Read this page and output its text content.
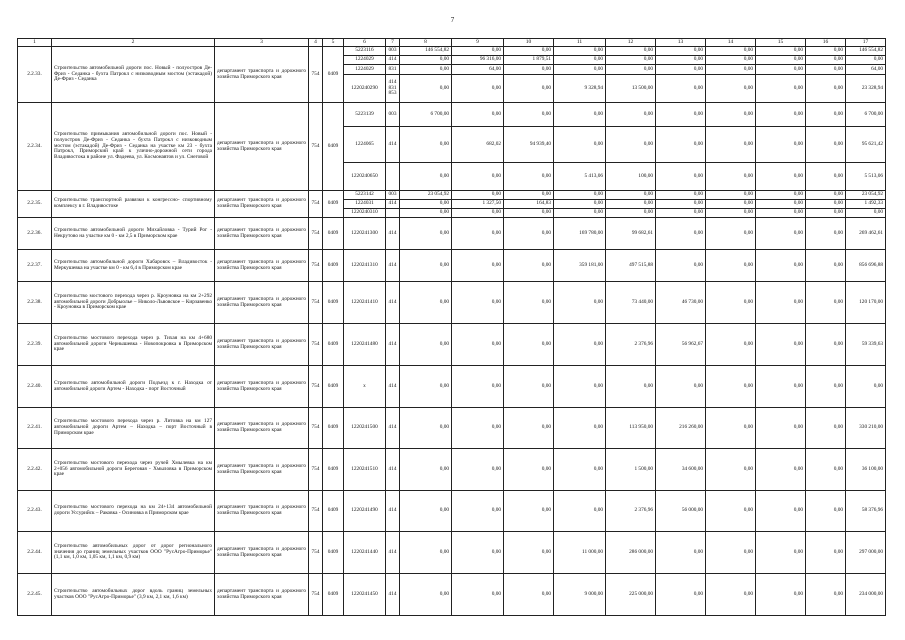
7
1	2	3	4	5	6	7	8	9	10	11	12	13	14	15	16	17
2.2.33.	Строительство автомобильной дороги пос. Новый - полуостров Де-Фриз - Седанка - бухта Патрокл с низководным мостом (эстакадой) Де-Фриз - Седанка	департамент транспорта и дорожного хозяйства Приморского края	754	0409	5223116	003	146 554,82	0,00	0,00	0,00	0,00	0,00	0,00	0,00	0,00	146 554,82
					1224029	414	0,00	96 316,00	1 879,51	0,00	0,00	0,00	0,00	0,00	0,00	0,00
					1224029	831	0,00	64,00	0,00	0,00	0,00	0,00	0,00	0,00	0,00	64,00
					1220240290	414 831 853	0,00	0,00	0,00	9 328,94	13 500,00	0,00	0,00	0,00	0,00	23 328,94
2.2.34.	Строительство примыкания автомобильной дороги пос. Новый - полуостров Де-Фриз - Седанка - бухта Патрокл с низководным мостом (эстакадой) Де-Фриз - Седанка на участке км 23 - бухта Патрокл, Приморский край к улично-дорожной сети города Владивостока в районе ул. Фадеева, ул. Космонавтов и ул. Снеговой	департамент транспорта и дорожного хозяйства Приморского края	754	0409	5223139	003	6 700,00	0,00	0,00	0,00	0,00	0,00	0,00	0,00	0,00	6 700,00
					1224065	414	0,00	682,02	94 939,40	0,00	0,00	0,00	0,00	0,00	0,00	95 621,42
					1220240650		0,00	0,00	0,00	5 413,06	100,00	0,00	0,00	0,00	0,00	5 513,06
2.2.35.	Строительство транспортной развязки к конгрессно- спортивному комплексу в г. Владивостоке	департамент транспорта и дорожного хозяйства Приморского края	754	0409	5223142	003	23 054,92	0,00	0,00	0,00	0,00	0,00	0,00	0,00	0,00	23 054,92
					1224031	414	0,00	1 327,50	164,83	0,00	0,00	0,00	0,00	0,00	0,00	1 492,33
					1220240310		0,00	0,00	0,00	0,00	0,00	0,00	0,00	0,00	0,00	0,00
2.2.36.	Строительство автомобильной дороги Михайловка - Турий Рог - Некрутово на участке км 0 - км 2,5 в Приморском крае	департамент транспорта и дорожного хозяйства Приморского края	754	0409	1220241300	414	0,00	0,00	0,00	169 780,00	99 682,61	0,00	0,00	0,00	0,00	269 462,61
2.2.37.	Строительство автомобильной дороги Хабаровск – Владивосток - Меркушевка на участке км 0 - км 6,4 в Приморском крае	департамент транспорта и дорожного хозяйства Приморского края	754	0409	1220241310	414	0,00	0,00	0,00	359 181,00	497 515,88	0,00	0,00	0,00	0,00	856 696,88
2.2.38.	Строительство мостового перехода через р. Кроуновка на км 2+292 автомобильной дороги Добрыолье – Николо-Львовское – Кирзавенко - Кроуновка в Приморском крае	департамент транспорта и дорожного хозяйства Приморского края	754	0409	1220241410	414	0,00	0,00	0,00	0,00	73 440,00	46 730,00	0,00	0,00	0,00	120 170,00
2.2.39.	Строительство мостового перехода через р. Тихая на км 4+680 автомобильной дороги Чернышевка - Новопокровка в Приморском крае	департамент транспорта и дорожного хозяйства Приморского края	754	0409	1220241480	414	0,00	0,00	0,00	0,00	2 376,96	56 962,67	0,00	0,00	0,00	59 339,63
2.2.40.	Строительство автомобильной дороги Подъезд к г. Находка от автомобильной дороги Артем - Находка - порт Восточный	департамент транспорта и дорожного хозяйства Приморского края	754	0409	x	414	0,00	0,00	0,00	0,00	0,00	0,00	0,00	0,00	0,00	0,00
2.2.41.	Строительство мостового перехода через р. Литовка на км 127 автомобильной дороги Артем – Находка – порт Восточный в Приморском крае	департамент транспорта и дорожного хозяйства Приморского края	754	0409	1220241500	414	0,00	0,00	0,00	0,00	113 950,00	216 260,00	0,00	0,00	0,00	330 210,00
2.2.42.	Строительство мостового перехода через ручей Хмылевка на км 2+056 автомобильной дороги Береговая - Хмыловка в Приморском крае	департамент транспорта и дорожного хозяйства Приморского края	754	0409	1220241510	414	0,00	0,00	0,00	0,00	1 500,00	34 600,00	0,00	0,00	0,00	36 100,00
2.2.43.	Строительство мостового перехода на км 24+134 автомобильной дороги Уссурийск – Раковка - Осиновка в Приморском крае	департамент транспорта и дорожного хозяйства Приморского края	754	0409	1220241490	414	0,00	0,00	0,00	0,00	2 376,96	56 000,00	0,00	0,00	0,00	58 376,96
2.2.44.	Строительство автомобильных дорог от дорог регионального значения до границ земельных участков ООО "РусАгро-Приморье" (1,1 км, 1,0 км, 1,05 км, 1,1 км, 0,9 км)	департамент транспорта и дорожного хозяйства Приморского края	754	0409	1220241440	414	0,00	0,00	0,00	11 000,00	286 000,00	0,00	0,00	0,00	0,00	297 000,00
2.2.45.	Строительство автомобильных дорог вдоль границ земельных участков ООО "РусАгро-Приморье" (3,9 км, 2,1 км, 1,6 км)	департамент транспорта и дорожного хозяйства Приморского края	754	0409	1220241450	414	0,00	0,00	0,00	9 000,00	225 000,00	0,00	0,00	0,00	0,00	234 000,00
